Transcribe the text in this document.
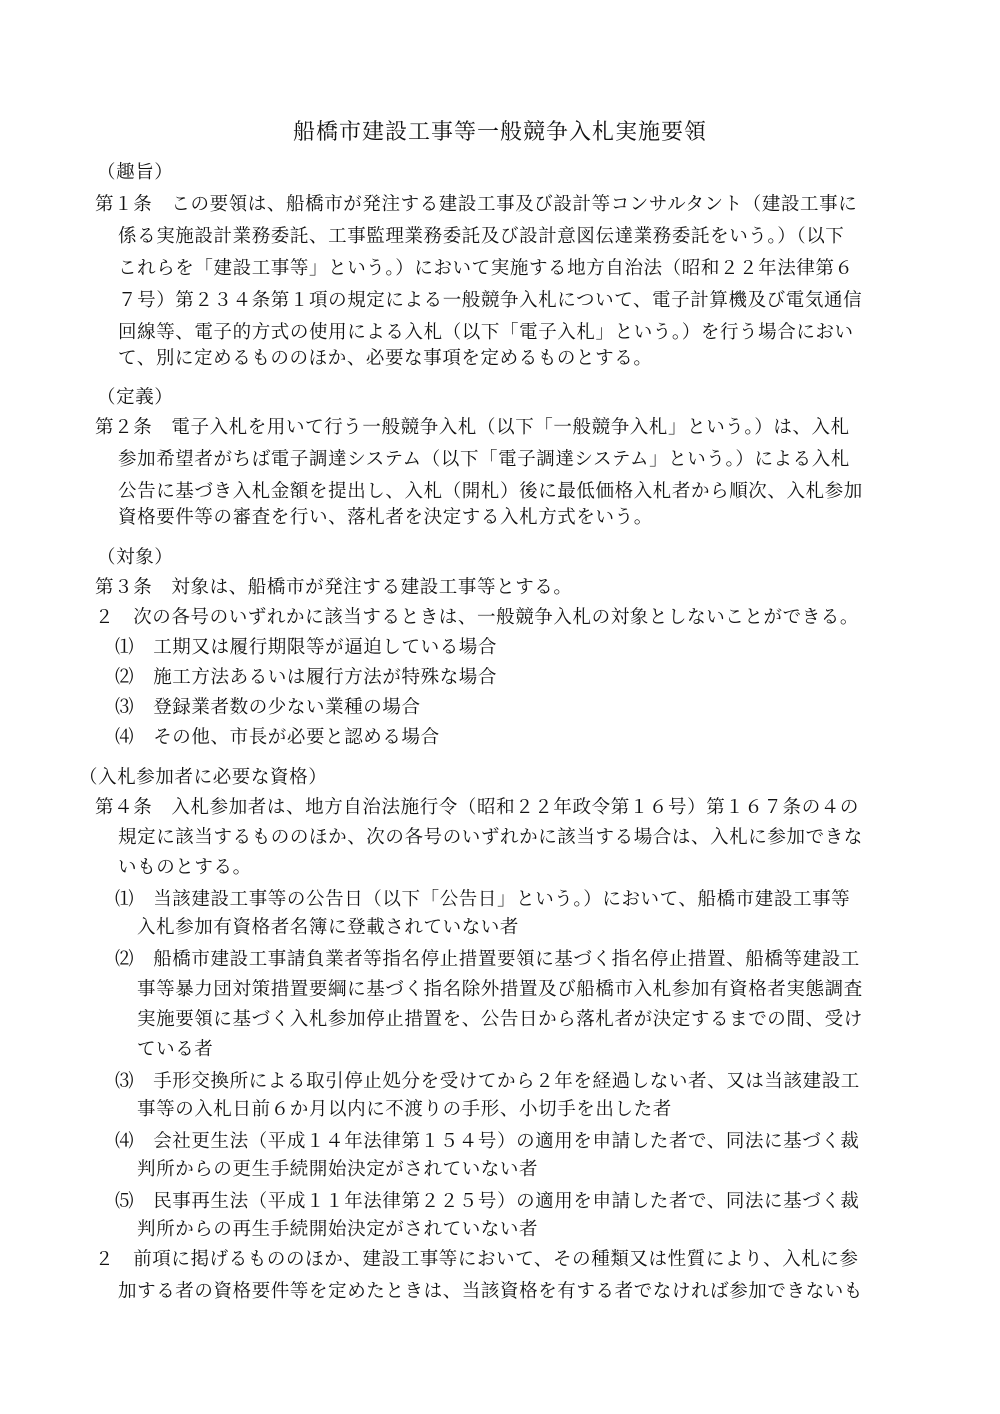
船橋市建設工事等一般競争入札実施要領
（趣旨）
第１条　この要領は、船橋市が発注する建設工事及び設計等コンサルタント（建設工事に
係る実施設計業務委託、工事監理業務委託及び設計意図伝達業務委託をいう。）（以下
これらを「建設工事等」という。）において実施する地方自治法（昭和２２年法律第６
７号）第２３４条第１項の規定による一般競争入札について、電子計算機及び電気通信
回線等、電子的方式の使用による入札（以下「電子入札」という。）を行う場合におい
て、別に定めるもののほか、必要な事項を定めるものとする。
（定義）
第２条　電子入札を用いて行う一般競争入札（以下「一般競争入札」という。）は、入札
参加希望者がちば電子調達システム（以下「電子調達システム」という。）による入札
公告に基づき入札金額を提出し、入札（開札）後に最低価格入札者から順次、入札参加
資格要件等の審査を行い、落札者を決定する入札方式をいう。
（対象）
第３条　対象は、船橋市が発注する建設工事等とする。
２　次の各号のいずれかに該当するときは、一般競争入札の対象としないことができる。
⑴　工期又は履行期限等が逼迫している場合
⑵　施工方法あるいは履行方法が特殊な場合
⑶　登録業者数の少ない業種の場合
⑷　その他、市長が必要と認める場合
（入札参加者に必要な資格）
第４条　入札参加者は、地方自治法施行令（昭和２２年政令第１６号）第１６７条の４の
規定に該当するもののほか、次の各号のいずれかに該当する場合は、入札に参加できな
いものとする。
⑴　当該建設工事等の公告日（以下「公告日」という。）において、船橋市建設工事等
入札参加有資格者名簿に登載されていない者
⑵　船橋市建設工事請負業者等指名停止措置要領に基づく指名停止措置、船橋等建設工
事等暴力団対策措置要綱に基づく指名除外措置及び船橋市入札参加有資格者実態調査
実施要領に基づく入札参加停止措置を、公告日から落札者が決定するまでの間、受け
ている者
⑶　手形交換所による取引停止処分を受けてから２年を経過しない者、又は当該建設工
事等の入札日前６か月以内に不渡りの手形、小切手を出した者
⑷　会社更生法（平成１４年法律第１５４号）の適用を申請した者で、同法に基づく裁
判所からの更生手続開始決定がされていない者
⑸　民事再生法（平成１１年法律第２２５号）の適用を申請した者で、同法に基づく裁
判所からの再生手続開始決定がされていない者
２　前項に掲げるもののほか、建設工事等において、その種類又は性質により、入札に参
加する者の資格要件等を定めたときは、当該資格を有する者でなければ参加できないも
